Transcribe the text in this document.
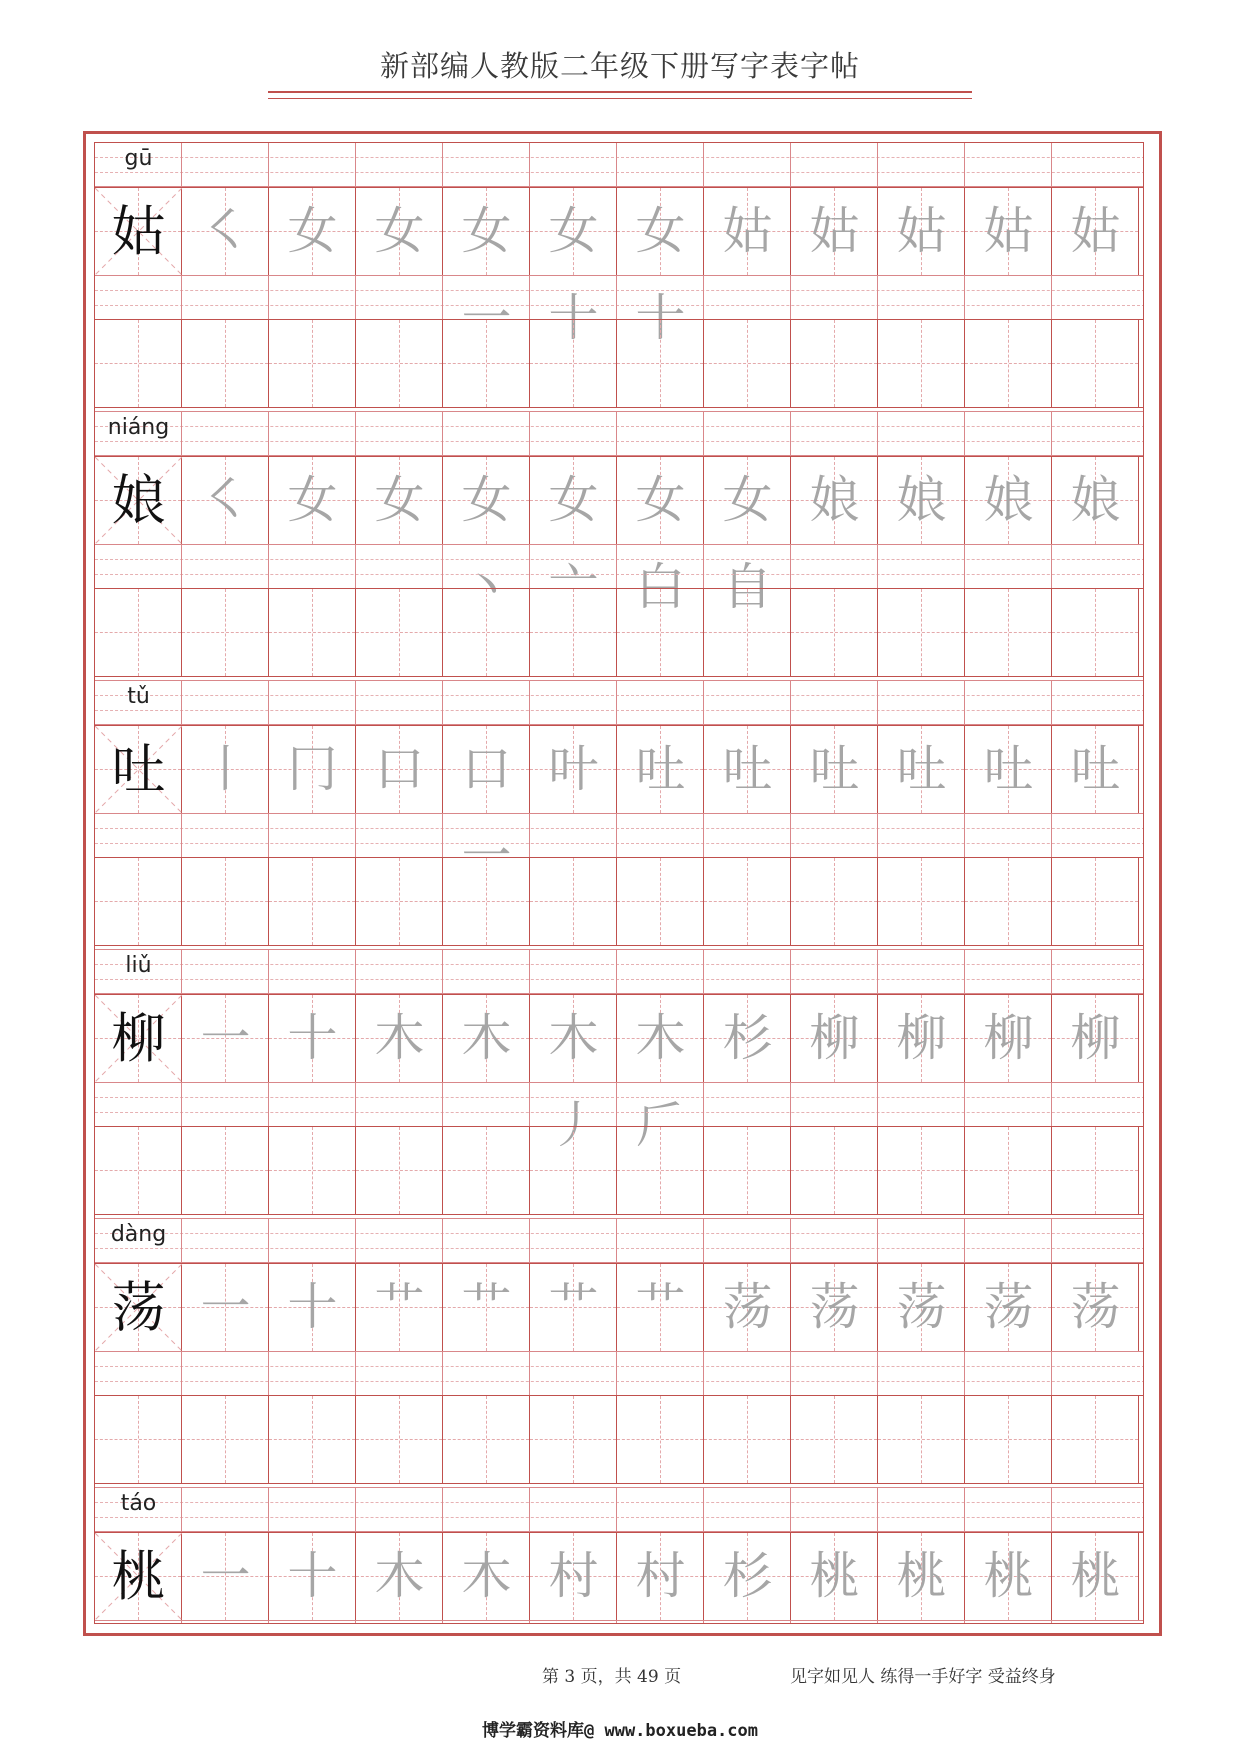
新部编人教版二年级下册写字表字帖
gū
姑 ㇛ 女 女 女一
女十
女十
姑 姑 姑 姑 姑
niáng
娘 ㇛ 女 女 女丶
女亠
女白
女自
娘 娘 娘 娘
tǔ
吐 丨 冂 口 口一
叶 吐 吐 吐 吐 吐 吐
liǔ
柳 一 十 木 木 木丿
木𠂆
杉 柳 柳 柳 柳
dàng
荡 一 十 艹 艹 艹 艹 荡 荡 荡 荡 荡
táo
桃 一 十 木 木 村 村 杉 桃 桃 桃 桃
第 3 页，共 49 页	见字如见人 练得一手好字 受益终身
博学霸资料库@ www.boxueba.com
